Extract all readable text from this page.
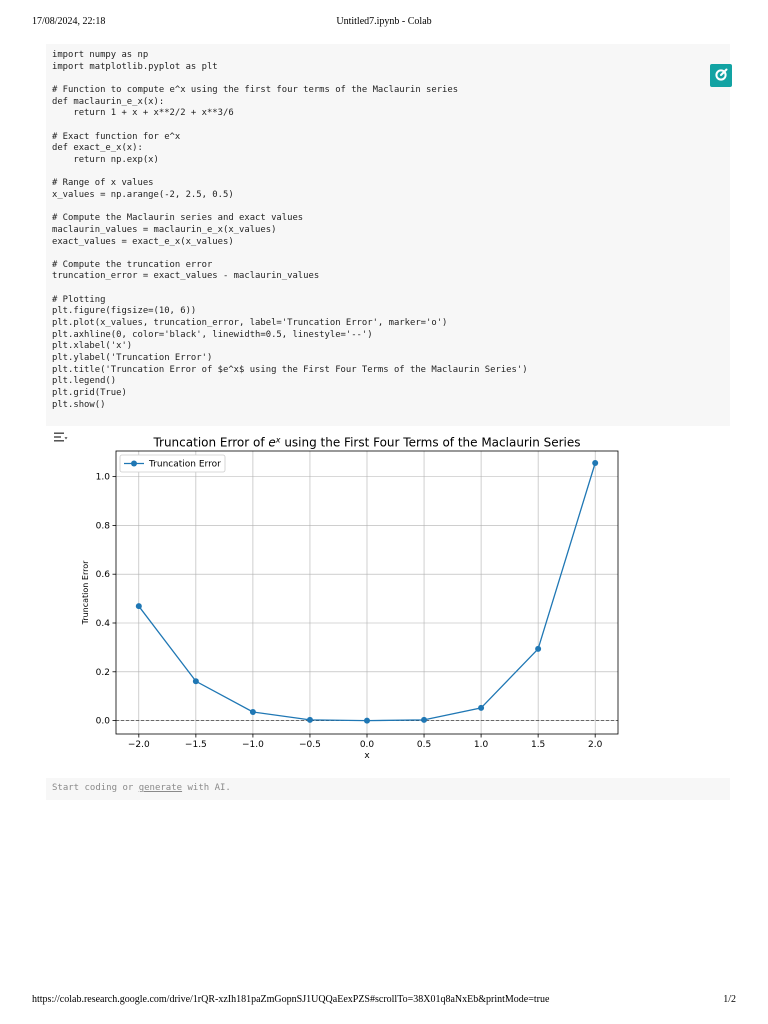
17/08/2024, 22:18	Untitled7.ipynb - Colab
import numpy as np
import matplotlib.pyplot as plt

# Function to compute e^x using the first four terms of the Maclaurin series
def maclaurin_e_x(x):
return 1 + x + x**2/2 + x**3/6

# Exact function for e^x
def exact_e_x(x):
return np.exp(x)

# Range of x values
x_values = np.arange(-2, 2.5, 0.5)

# Compute the Maclaurin series and exact values
maclaurin_values = maclaurin_e_x(x_values)
exact_values = exact_e_x(x_values)

# Compute the truncation error
truncation_error = exact_values - maclaurin_values

# Plotting
plt.figure(figsize=(10, 6))
plt.plot(x_values, truncation_error, label='Truncation Error', marker='o')
plt.axhline(0, color='black', linewidth=0.5, linestyle='--')
plt.xlabel('x')
plt.ylabel('Truncation Error')
plt.title('Truncation Error of $e^x$ using the First Four Terms of the Maclaurin Series')
plt.legend()
plt.grid(True)
plt.show()
Truncation Error of $e^x$ using the First Four Terms of the Maclaurin Series
−2.0	−1.5	−1.0	−0.5	0.0	0.5	1.0	1.5	2.0
0.0
0.2
0.4
0.6
0.8
1.0
x
Truncation Error
Truncation Error
Start coding or generate with AI.
https://colab.research.google.com/drive/1rQR-xzIh181paZmGopnSJ1UQQaEexPZS#scrollTo=38X01q8aNxEb&printMode=true	1/2
